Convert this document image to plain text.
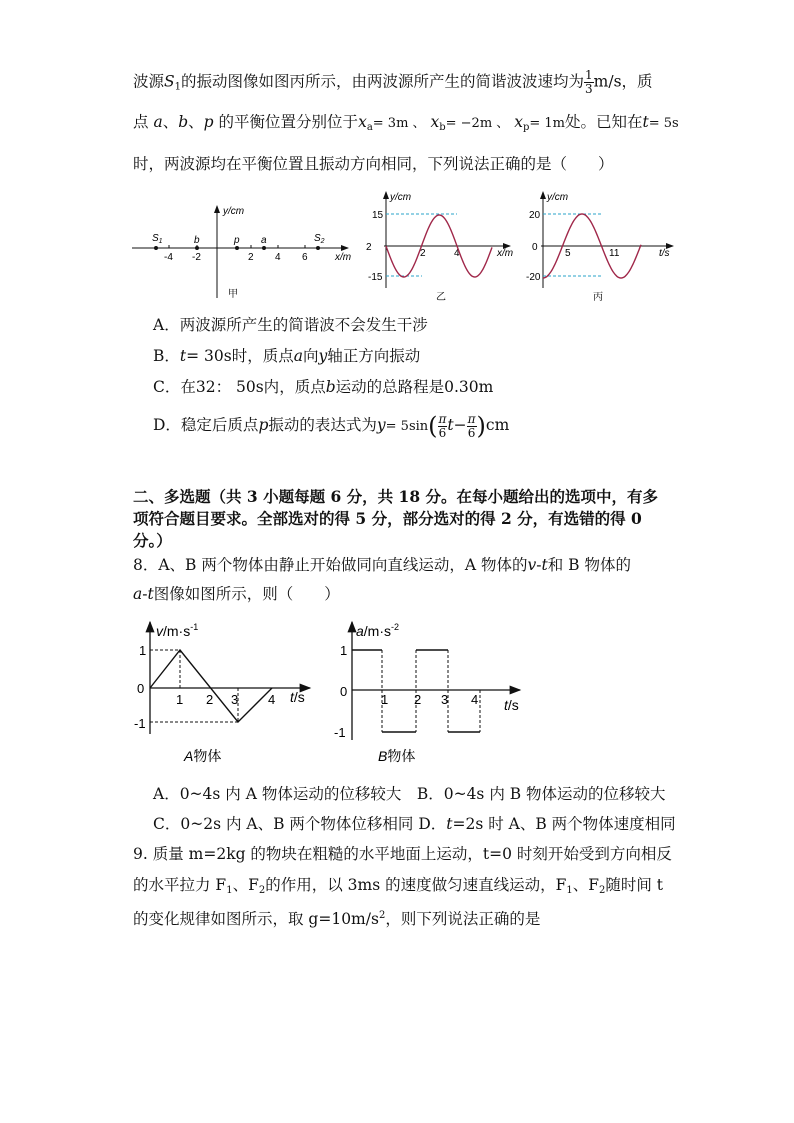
波源$S_1$的振动图像如图丙所示，由两波源所产生的简谐波波速均为 $\frac{1}{3} m/s$，质
点 a、b、p 的平衡位置分别位于$x_a= 3m$ 、 $x_b= -2m$ 、 $x_p= 1m$处。已知在t= 5s
时，两波源均在平衡位置且振动方向相同，下列说法正确的是（　　）
y/cm
x/m
-4 -2	2 4 6
$S_1$	b	p a	$S_2$
甲
y/cm
x/m
15
-15
2
2	4
乙
y/cm
t/s
20
-20
0
5	11
丙
A．两波源所产生的简谐波不会发生干涉
B．t= 30s时，质点a向y轴正方向振动
C．在32： 50s内，质点b运动的总路程是0.30m
D．稳定后质点p振动的表达式为$y= 5\sin( \frac{\pi}{6} t- \frac{\pi}{6} )cm$
二、多选题（共 3 小题每题 6 分，共 18 分。在每小题给出的选项中，有多
项符合题目要求。全部选对的得 5 分，部分选对的得 2 分，有选错的得 0
分。）
8．A、B 两个物体由静止开始做同向直线运动，A 物体的v-t和 B 物体的
a-t图像如图所示，则（　　）
$v/m\cdot s^{-1}$
1
0
-1
1 2 3 4 t/s
A物体
$a/m\cdot s^{-2}$
1
0
-1
1 2 3 4 t/s
B物体
A．0~4s 内 A 物体运动的位移较大　B．0~4s 内 B 物体运动的位移较大
C．0~2s 内 A、B 两个物体位移相同 D．t=2s 时 A、B 两个物体速度相同
9. 质量 m=2kg 的物块在粗糙的水平地面上运动，t=0 时刻开始受到方向相反
的水平拉力 $F_1$、$F_2$的作用，以 3ms 的速度做匀速直线运动，$F_1$、$F_2$随时间 t
的变化规律如图所示，取 $g=10m/s^2$，则下列说法正确的是
